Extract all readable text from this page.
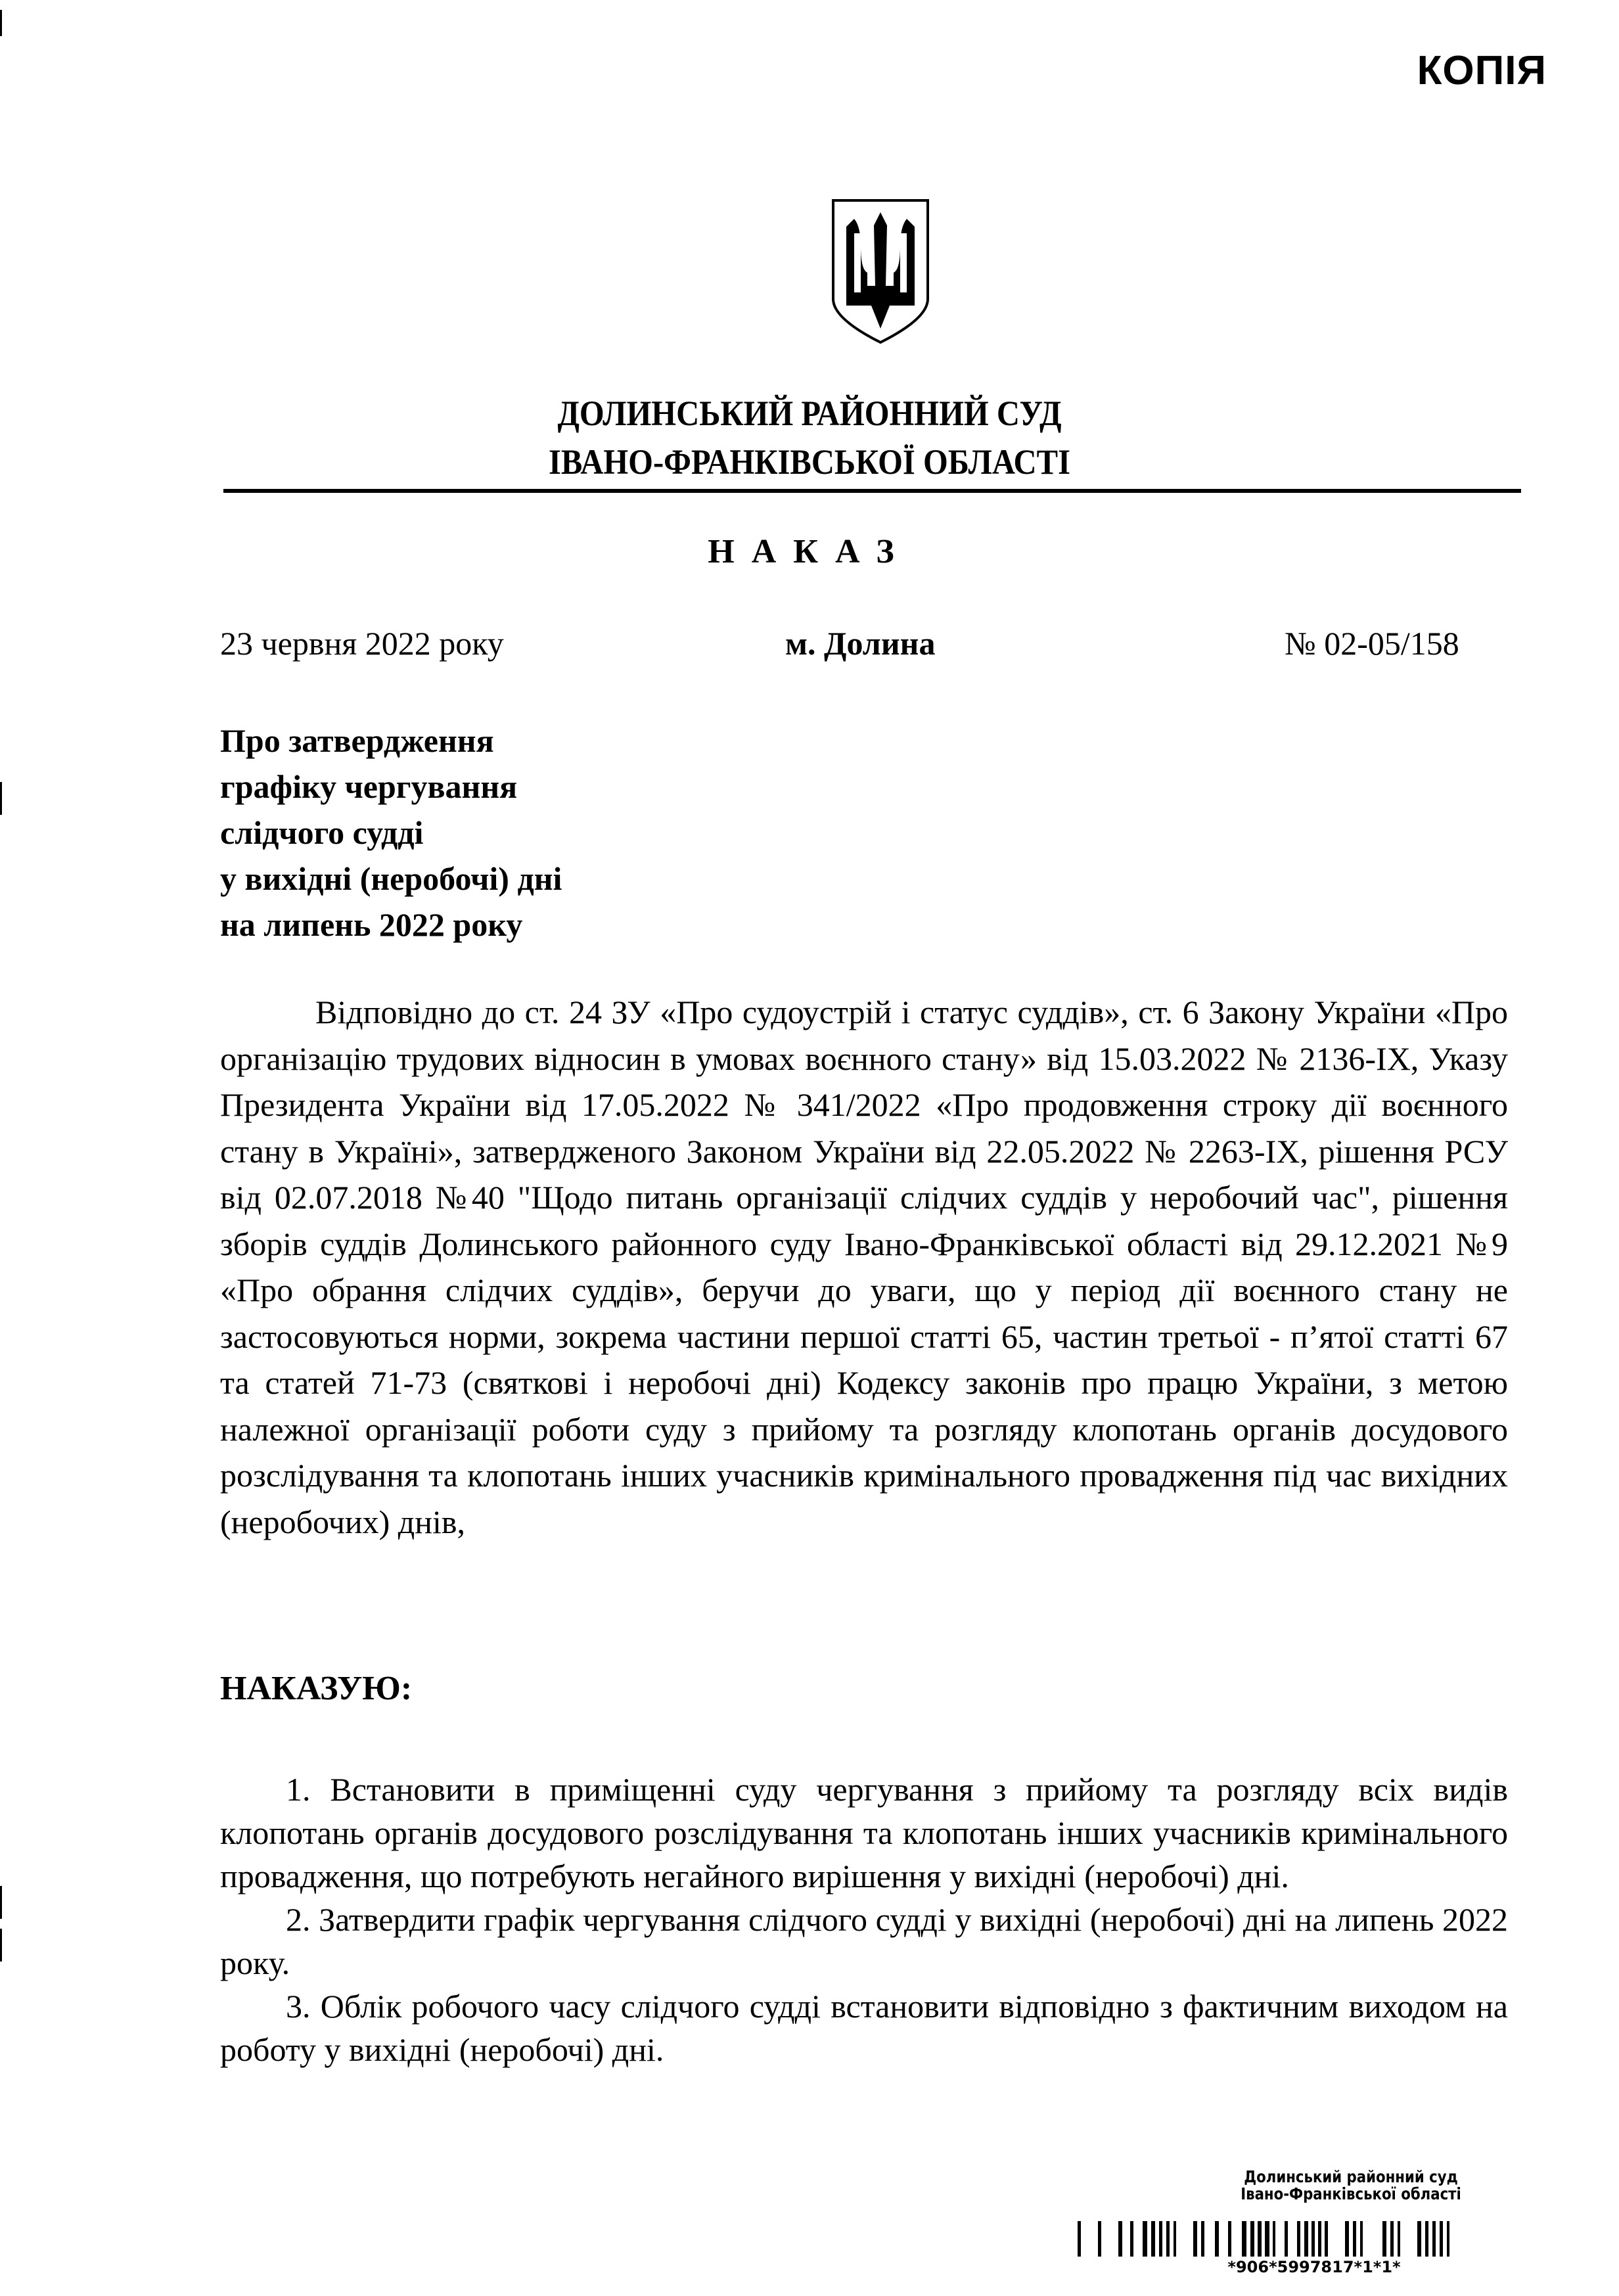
КОПІЯ
ДОЛИНСЬКИЙ РАЙОННИЙ СУД
ІВАНО-ФРАНКІВСЬКОЇ ОБЛАСТІ
НАКАЗ
23 червня 2022 року	м. Долина	№ 02-05/158
Про затвердження
графіку чергування
слідчого судді
у вихідні (неробочі) дні
на липень 2022 року

Відповідно до ст. 24 ЗУ «Про судоустрій і статус суддів», ст. 6 Закону України «Про організацію трудових відносин в умовах воєнного стану» від 15.03.2022 № 2136-IX, Указу Президента України від 17.05.2022 № 341/2022 «Про продовження строку дії воєнного стану в Україні», затвердженого Законом України від 22.05.2022 № 2263-IX, рішення РСУ від 02.07.2018 №40 "Щодо питань організації слідчих суддів у неробочий час", рішення зборів суддів Долинського районного суду Івано-Франківської області від 29.12.2021 №9 «Про обрання слідчих суддів», беручи до уваги, що у період дії воєнного стану не застосовуються норми, зокрема частини першої статті 65, частин третьої - п’ятої статті 67 та статей 71-73 (святкові і неробочі дні) Кодексу законів про працю України, з метою належної організації роботи суду з прийому та розгляду клопотань органів досудового розслідування та клопотань інших учасників кримінального провадження під час вихідних (неробочих) днів,

НАКАЗУЮ:

1. Встановити в приміщенні суду чергування з прийому та розгляду всіх видів клопотань органів досудового розслідування та клопотань інших учасників кримінального провадження, що потребують негайного вирішення у вихідні (неробочі) дні.

2. Затвердити графік чергування слідчого судді у вихідні (неробочі) дні на липень 2022 року.

3. Облік робочого часу слідчого судді встановити відповідно з фактичним виходом на роботу у вихідні (неробочі) дні.

Долинський районний суд
Івано-Франківської області
*906*5997817*1*1*
